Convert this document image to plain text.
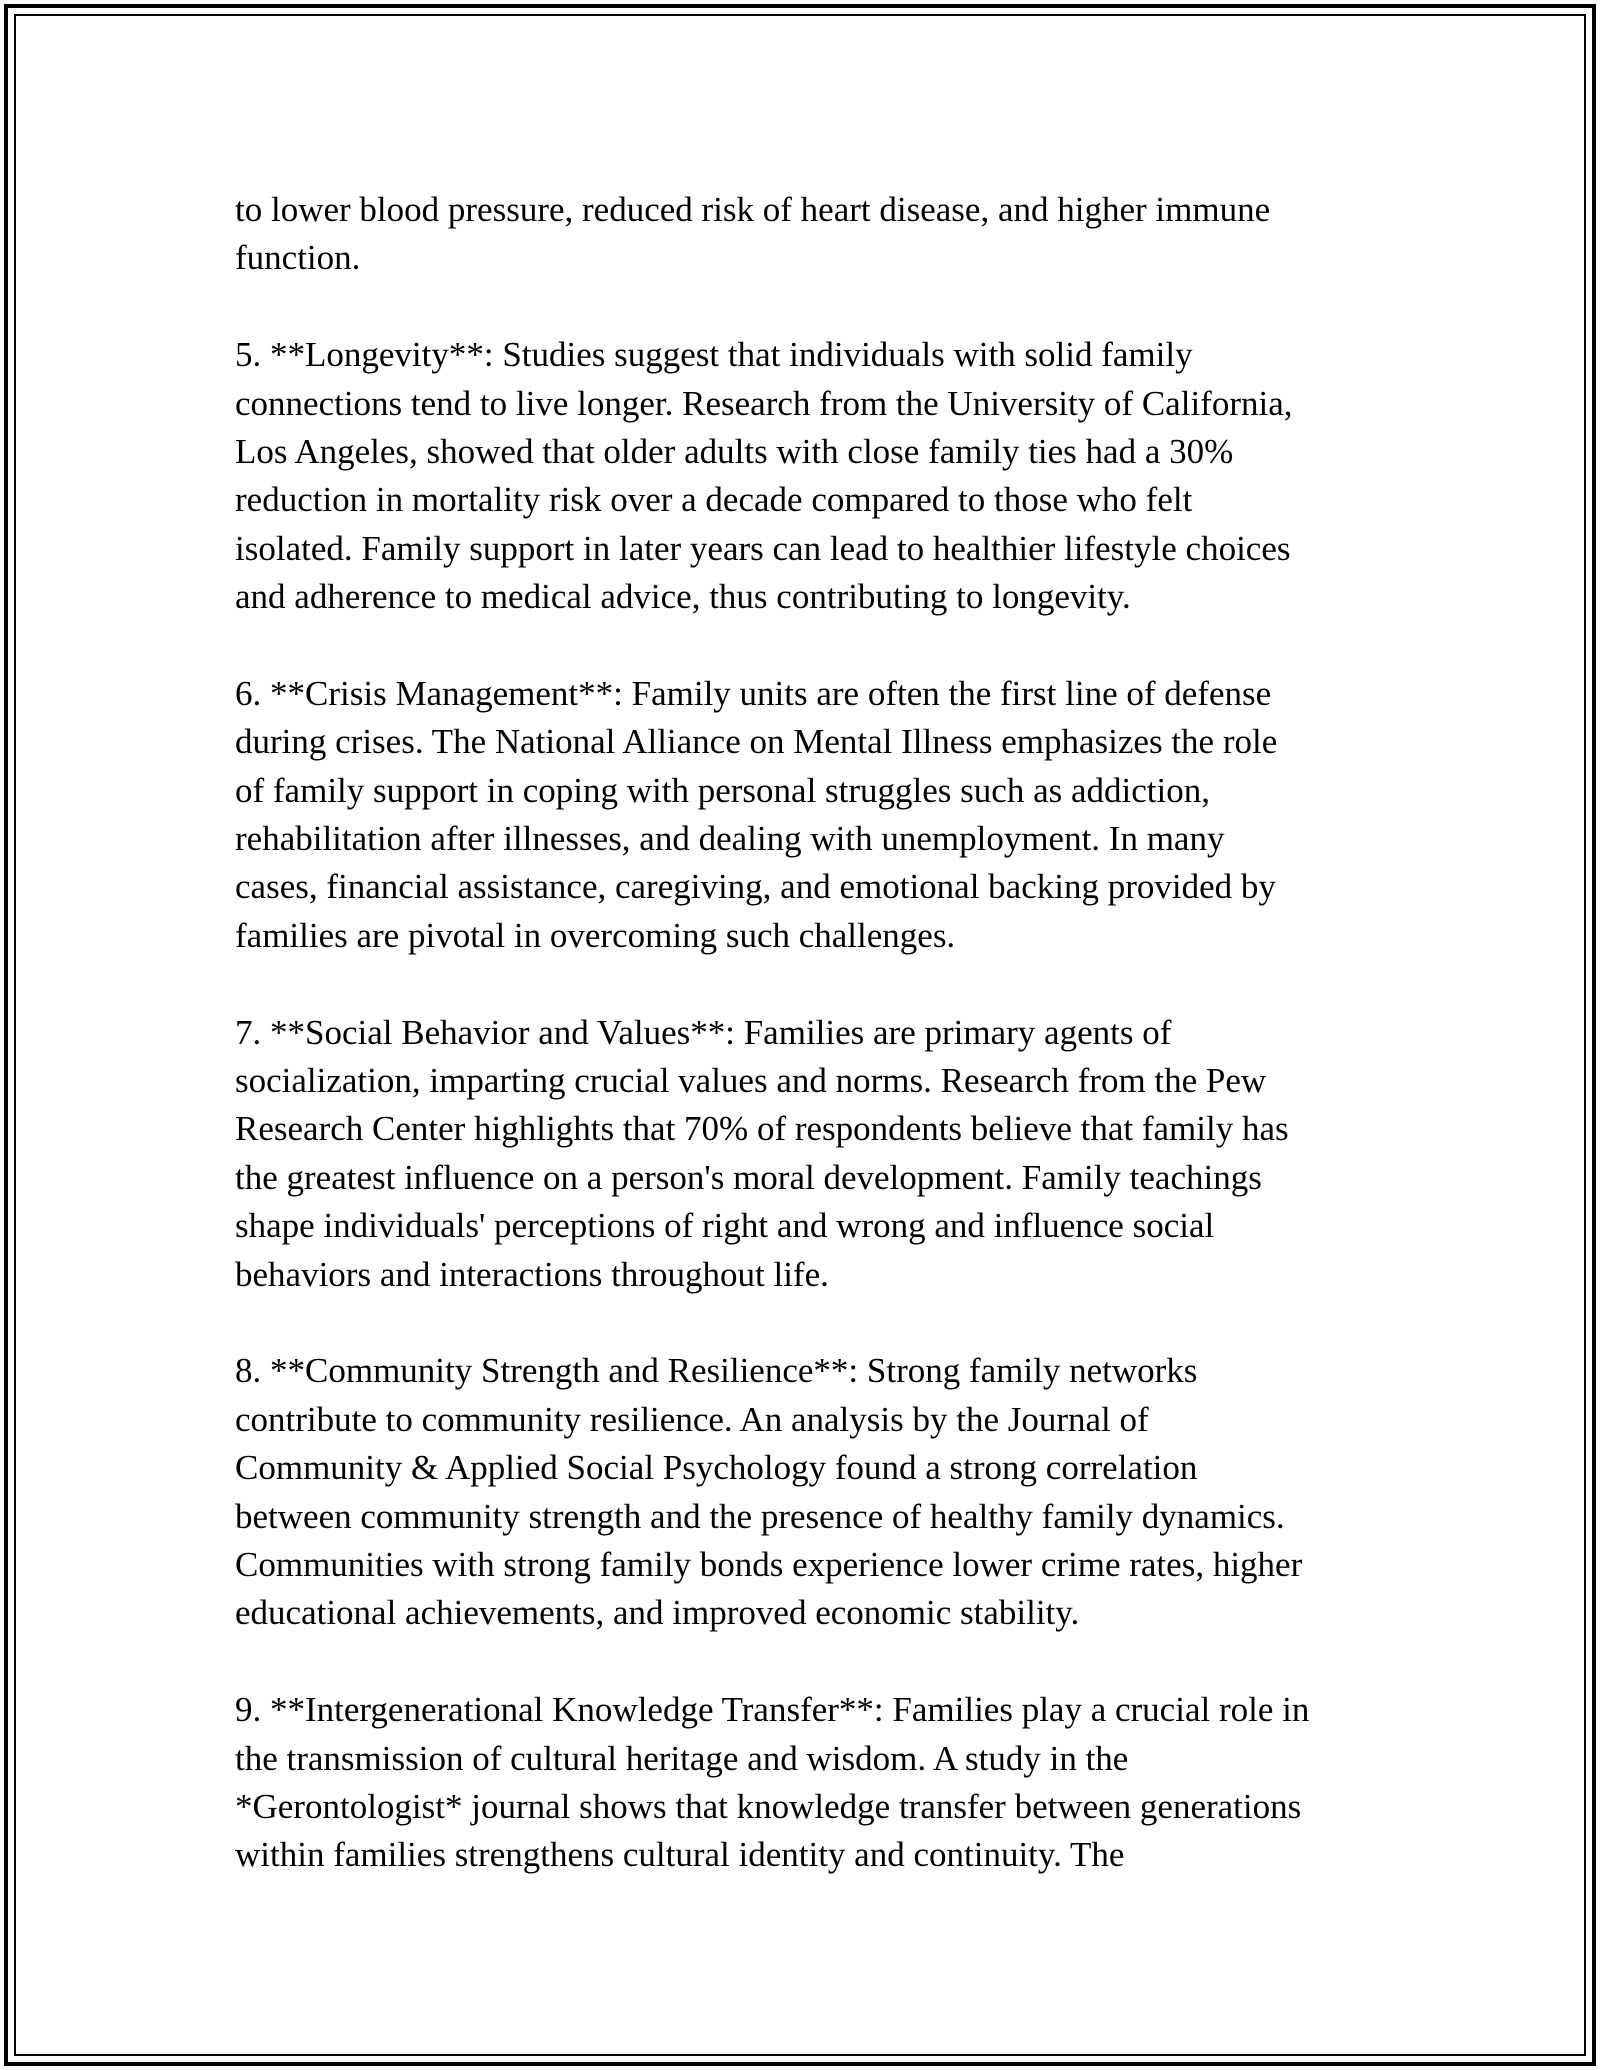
to lower blood pressure, reduced risk of heart disease, and higher immune
function.
5. **Longevity**: Studies suggest that individuals with solid family
connections tend to live longer. Research from the University of California,
Los Angeles, showed that older adults with close family ties had a 30%
reduction in mortality risk over a decade compared to those who felt
isolated. Family support in later years can lead to healthier lifestyle choices
and adherence to medical advice, thus contributing to longevity.
6. **Crisis Management**: Family units are often the first line of defense
during crises. The National Alliance on Mental Illness emphasizes the role
of family support in coping with personal struggles such as addiction,
rehabilitation after illnesses, and dealing with unemployment. In many
cases, financial assistance, caregiving, and emotional backing provided by
families are pivotal in overcoming such challenges.
7. **Social Behavior and Values**: Families are primary agents of
socialization, imparting crucial values and norms. Research from the Pew
Research Center highlights that 70% of respondents believe that family has
the greatest influence on a person's moral development. Family teachings
shape individuals' perceptions of right and wrong and influence social
behaviors and interactions throughout life.
8. **Community Strength and Resilience**: Strong family networks
contribute to community resilience. An analysis by the Journal of
Community & Applied Social Psychology found a strong correlation
between community strength and the presence of healthy family dynamics.
Communities with strong family bonds experience lower crime rates, higher
educational achievements, and improved economic stability.
9. **Intergenerational Knowledge Transfer**: Families play a crucial role in
the transmission of cultural heritage and wisdom. A study in the
*Gerontologist* journal shows that knowledge transfer between generations
within families strengthens cultural identity and continuity. The
